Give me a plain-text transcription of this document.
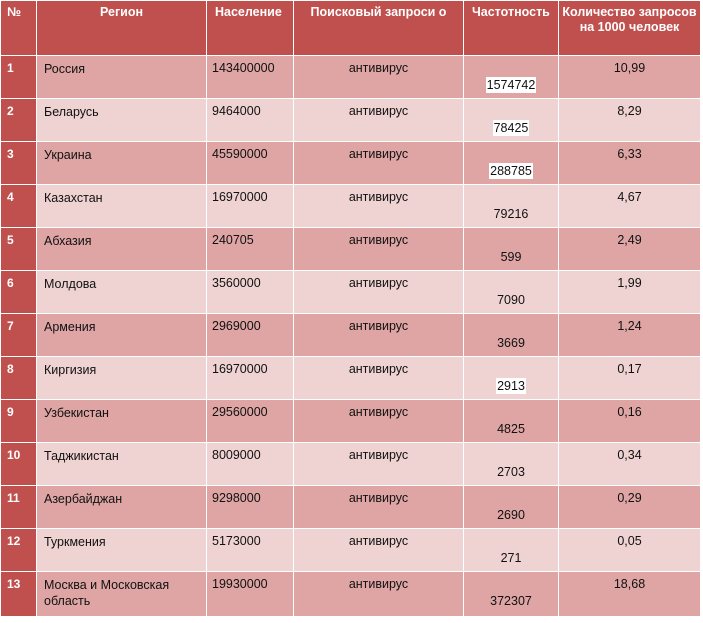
№	Регион	Население	Поисковый запроси о	Частотность	Количество запросов на 1000 человек
1	Россия	143400000	антивирус	1574742	10,99
2	Беларусь	9464000	антивирус	78425	8,29
3	Украина	45590000	антивирус	288785	6,33
4	Казахстан	16970000	антивирус	79216	4,67
5	Абхазия	240705	антивирус	599	2,49
6	Молдова	3560000	антивирус	7090	1,99
7	Армения	2969000	антивирус	3669	1,24
8	Киргизия	16970000	антивирус	2913	0,17
9	Узбекистан	29560000	антивирус	4825	0,16
10	Таджикистан	8009000	антивирус	2703	0,34
11	Азербайджан	9298000	антивирус	2690	0,29
12	Туркмения	5173000	антивирус	271	0,05
13	Москва и Московская область	19930000	антивирус	372307	18,68
